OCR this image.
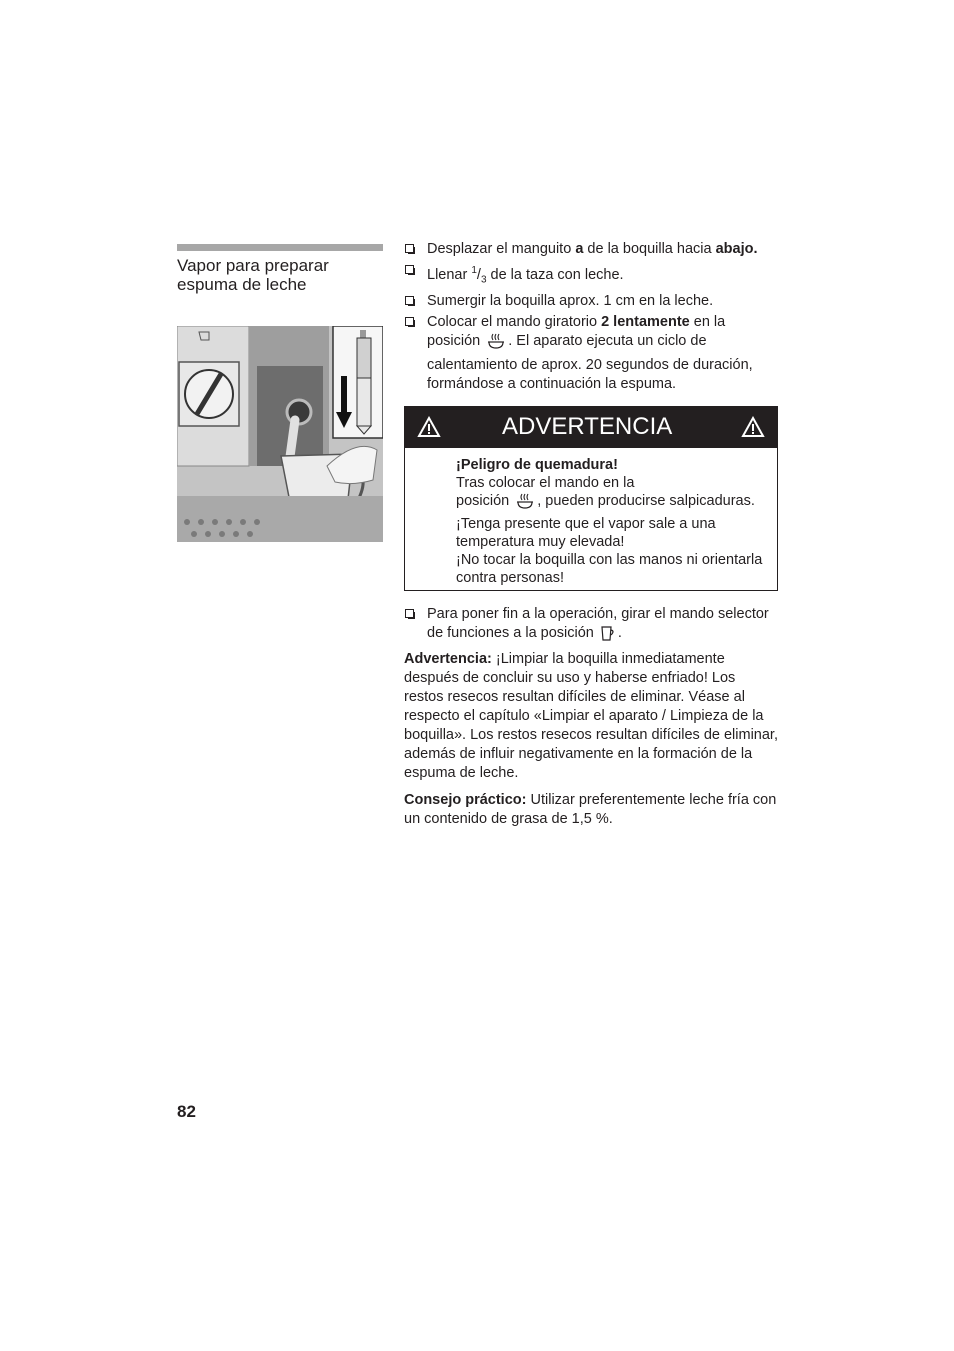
Vapor para preparar espuma de leche
Desplazar el manguito a de la boquilla hacia abajo.
Llenar $^1/_3$ de la taza con leche.
Sumergir la boquilla aprox. 1 cm en la leche.
Colocar el mando giratorio 2 lentamente en la posición . El aparato ejecuta un ciclo de calentamiento de aprox. 20 segundos de duración, formándose a continuación la espuma.
ADVERTENCIA
¡Peligro de quemadura!
Tras colocar el mando en la
posición , pueden producirse salpicaduras.
¡Tenga presente que el vapor sale a una temperatura muy elevada!
¡No tocar la boquilla con las manos ni orientarla contra personas!
Para poner fin a la operación, girar el mando selector de funciones a la posición .

Advertencia: ¡Limpiar la boquilla inmediatamente después de concluir su uso y haberse enfriado! Los restos resecos resultan difíciles de eliminar. Véase al respecto el capítulo «Limpiar el aparato / Limpieza de la boquilla». Los restos resecos resultan difíciles de eliminar, además de influir negativamente en la formación de la espuma de leche.

Consejo práctico: Utilizar preferentemente leche fría con un contenido de grasa de 1,5 %.

82
